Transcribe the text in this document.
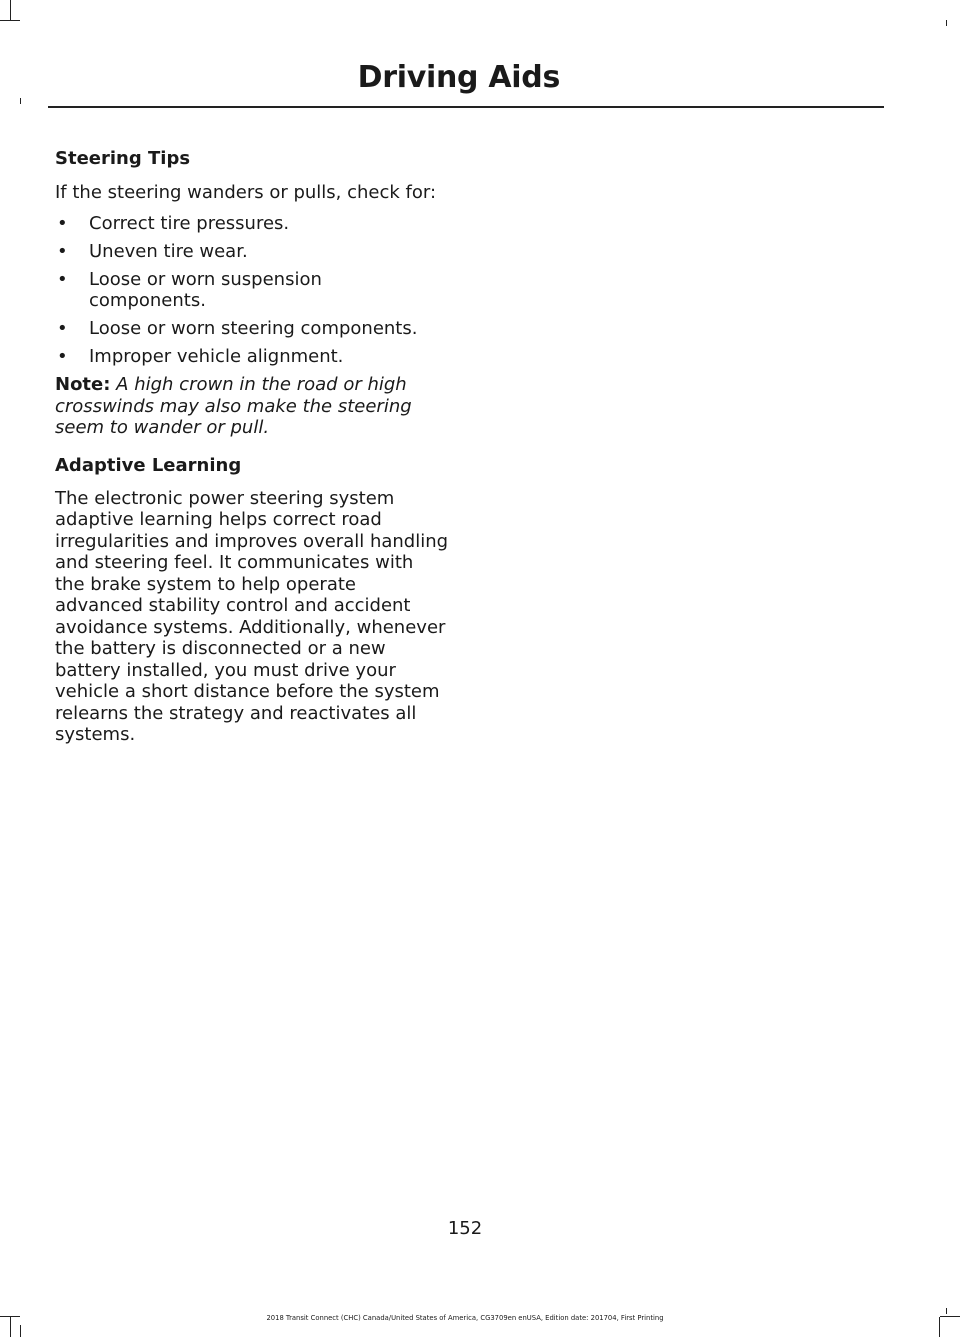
Driving Aids

Steering Tips

If the steering wanders or pulls, check for:

• Correct tire pressures.
• Uneven tire wear.
• Loose or worn suspension
components.
• Loose or worn steering components.
• Improper vehicle alignment.

Note: A high crown in the road or high

crosswinds may also make the steering

seem to wander or pull.

Adaptive Learning

The electronic power steering system

adaptive learning helps correct road

irregularities and improves overall handling

and steering feel. It communicates with

the brake system to help operate

advanced stability control and accident

avoidance systems. Additionally, whenever

the battery is disconnected or a new

battery installed, you must drive your

vehicle a short distance before the system

relearns the strategy and reactivates all

systems.

152
2018 Transit Connect (CHC) Canada/United States of America, CG3709en enUSA, Edition date: 201704, First Printing
